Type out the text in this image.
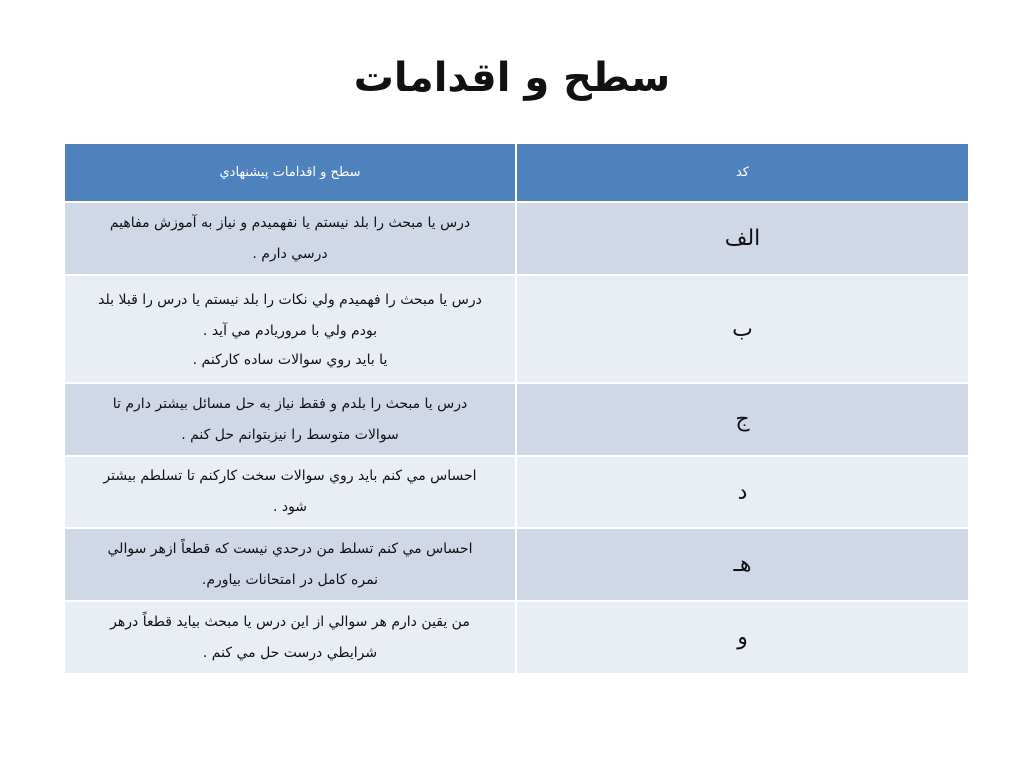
سطح و اقدامات
كد	سطح و اقدامات پيشنهادي
الف	درس يا مبحث را بلد نيستم يا نفهميدم و نياز به آموزش مفاهيم
درسي دارم .

ب	درس يا مبحث را فهميدم ولي نكات را بلد نيستم يا درس را قبلا بلد
بودم ولي با مروريادم مي آيد .
يا بايد روي سوالات ساده كاركنم .

ج	درس يا مبحث را بلدم و فقط نياز به حل مسائل بيشتر دارم تا
سوالات متوسط را نيزبتوانم حل كنم .

د	احساس مي كنم بايد روي سوالات سخت كاركنم تا تسلطم بيشتر
شود .

هـ	احساس مي كنم تسلط من درحدي نيست كه قطعاً ازهر سوالي
نمره كامل در امتحانات بياورم.

و	من يقين دارم هر سوالي از اين درس يا مبحث بيايد قطعاً درهر
شرايطي درست حل مي كنم .
